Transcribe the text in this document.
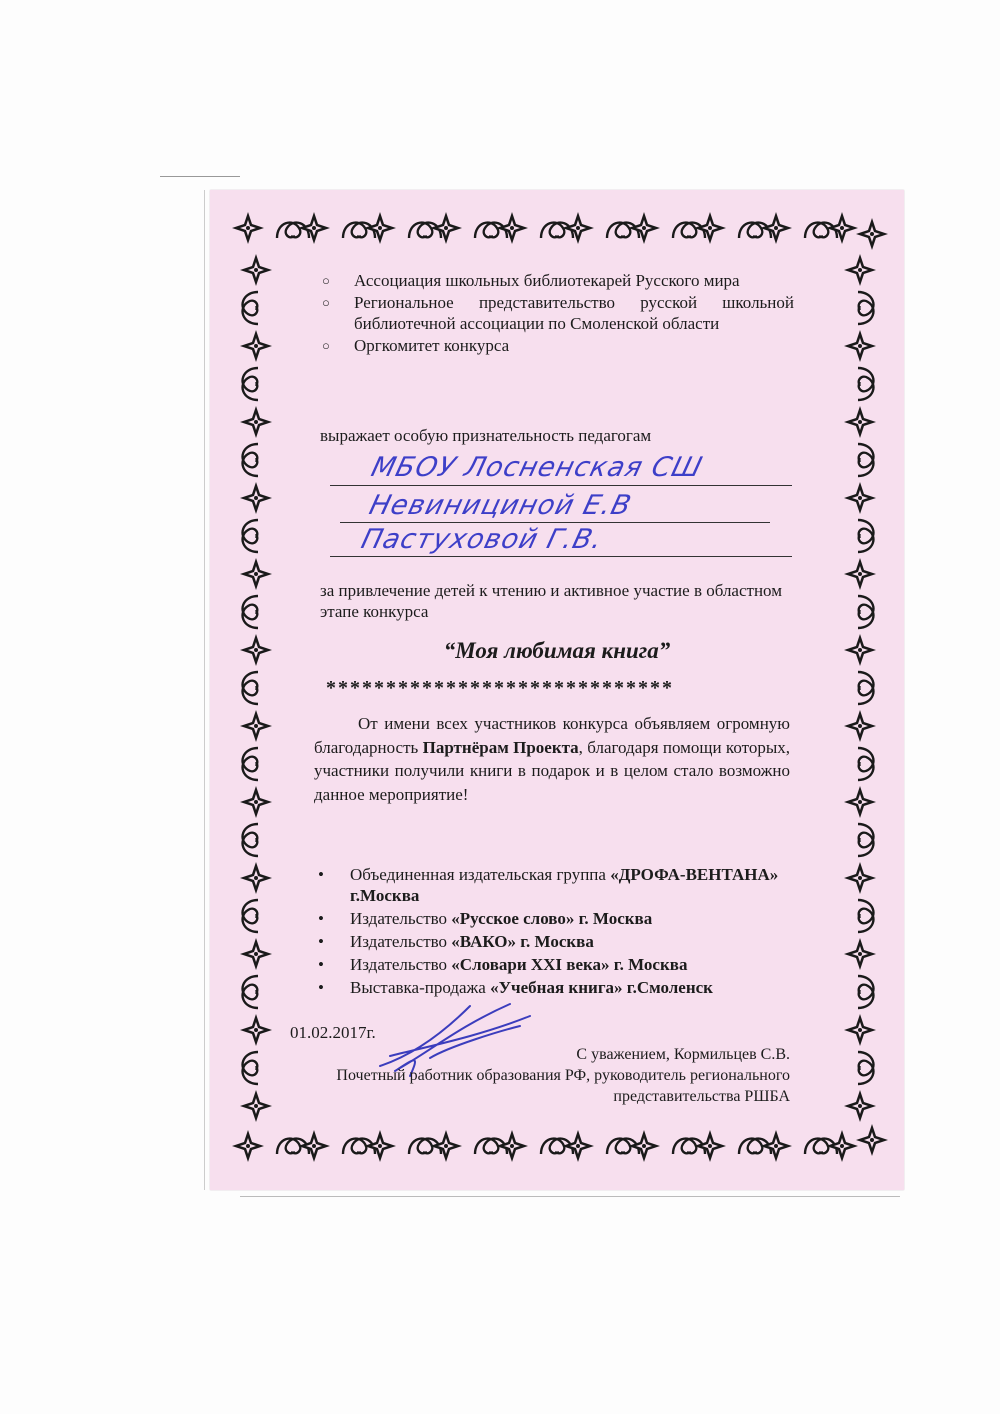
○ Ассоциация школьных библиотекарей Русского мира
○ Региональное представительство русской школьной библиотечной ассоциации по Смоленской области
○ Оргкомитет конкурса
выражает особую признательность педагогам
МБОУ Лосненская СШ
Невинициной Е.В
Пастуховой Г.В.
за привлечение детей к чтению и активное участие в областном этапе конкурса
“Моя любимая книга”
*****************************
От имени всех участников конкурса объявляем огромную благодарность Партнёрам Проекта, благодаря помощи которых, участники получили книги в подарок и в целом стало возможно данное мероприятие!
• Объединенная издательская группа «ДРОФА-ВЕНТАНА» г.Москва
• Издательство «Русское слово» г. Москва
• Издательство «ВАКО» г. Москва
• Издательство «Словари XXI века» г. Москва
• Выставка-продажа «Учебная книга» г.Смоленск
01.02.2017г.
С уважением, Кормильцев С.В.
Почетный работник образования РФ, руководитель регионального
представительства РШБА
